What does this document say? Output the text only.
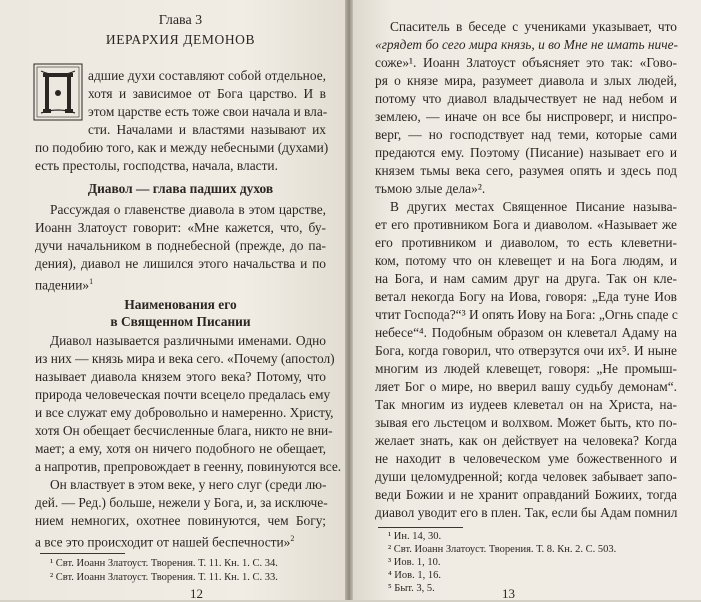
Глава 3
ИЕРАРХИЯ ДЕМОНОВ
адшие духи составляют собой отдельное,
хотя и зависимое от Бога царство. И в
этом царстве есть тоже свои начала и вла-
сти. Началами и властями называют их
по подобию того, как и между небесными (духами)
есть престолы, господства, начала, власти.
Диавол — глава падших духов
Рассуждая о главенстве диавола в этом царстве,
Иоанн Златоуст говорит: «Мне кажется, что, бу-
дучи начальником в поднебесной (прежде, до па-
дения), диавол не лишился этого начальства и по
падении»$^1$
Наименования его
в Священном Писании
Диавол называется различными именами. Одно
из них — князь мира и века сего. «Почему (апостол)
называет диавола князем этого века? Потому, что
природа человеческая почти всецело предалась ему
и все служат ему добровольно и намеренно. Христу,
хотя Он обещает бесчисленные блага, никто не вни-
мает; а ему, хотя он ничего подобного не обещает,
а напротив, препровождает в геенну, повинуются все.
Он властвует в этом веке, у него слуг (среди лю-
дей. — Ред.) больше, нежели у Бога, и, за исключе-
нием немногих, охотнее повинуются, чем Богу;
а все это происходит от нашей беспечности»$^2$
¹ Свт. Иоанн Златоуст. Творения. Т. 11. Кн. 1. С. 34.
² Свт. Иоанн Златоуст. Творения. Т. 11. Кн. 1. С. 33.
12
Спаситель в беседе с учениками указывает, что
«грядет бо сего мира князь, и во Мне не имать ниче-
соже»¹. Иоанн Златоуст объясняет это так: «Гово-
ря о князе мира, разумеет диавола и злых людей,
потому что диавол владычествует не над небом и
землею, — иначе он все бы ниспроверг, и ниспро-
верг, — но господствует над теми, которые сами
предаются ему. Поэтому (Писание) называет его и
князем тьмы века сего, разумея опять и здесь под
тьмою злые дела»².
В других местах Священное Писание называ-
ет его противником Бога и диаволом. «Называет же
его противником и диаволом, то есть клеветни-
ком, потому что он клевещет и на Бога людям, и
на Бога, и нам самим друг на друга. Так он кле-
ветал некогда Богу на Иова, говоря: „Еда туне Иов
чтит Господа?“³ И опять Иову на Бога: „Огнь спаде с
небесе“⁴. Подобным образом он клеветал Адаму на
Бога, когда говорил, что отверзутся очи их⁵. И ныне
многим из людей клевещет, говоря: „Не промыш-
ляет Бог о мире, но вверил вашу судьбу демонам“.
Так многим из иудеев клеветал он на Христа, на-
зывая его льстецом и волхвом. Может быть, кто по-
желает знать, как он действует на человека? Когда
не находит в человеческом уме божественного и
души целомудренной; когда человек забывает запо-
веди Божии и не хранит оправданий Божиих, тогда
диавол уводит его в плен. Так, если бы Адам помнил
¹ Ин. 14, 30.
² Свт. Иоанн Златоуст. Творения. Т. 8. Кн. 2. С. 503.
³ Иов. 1, 10.
⁴ Иов. 1, 16.
⁵ Быт. 3, 5.	13
